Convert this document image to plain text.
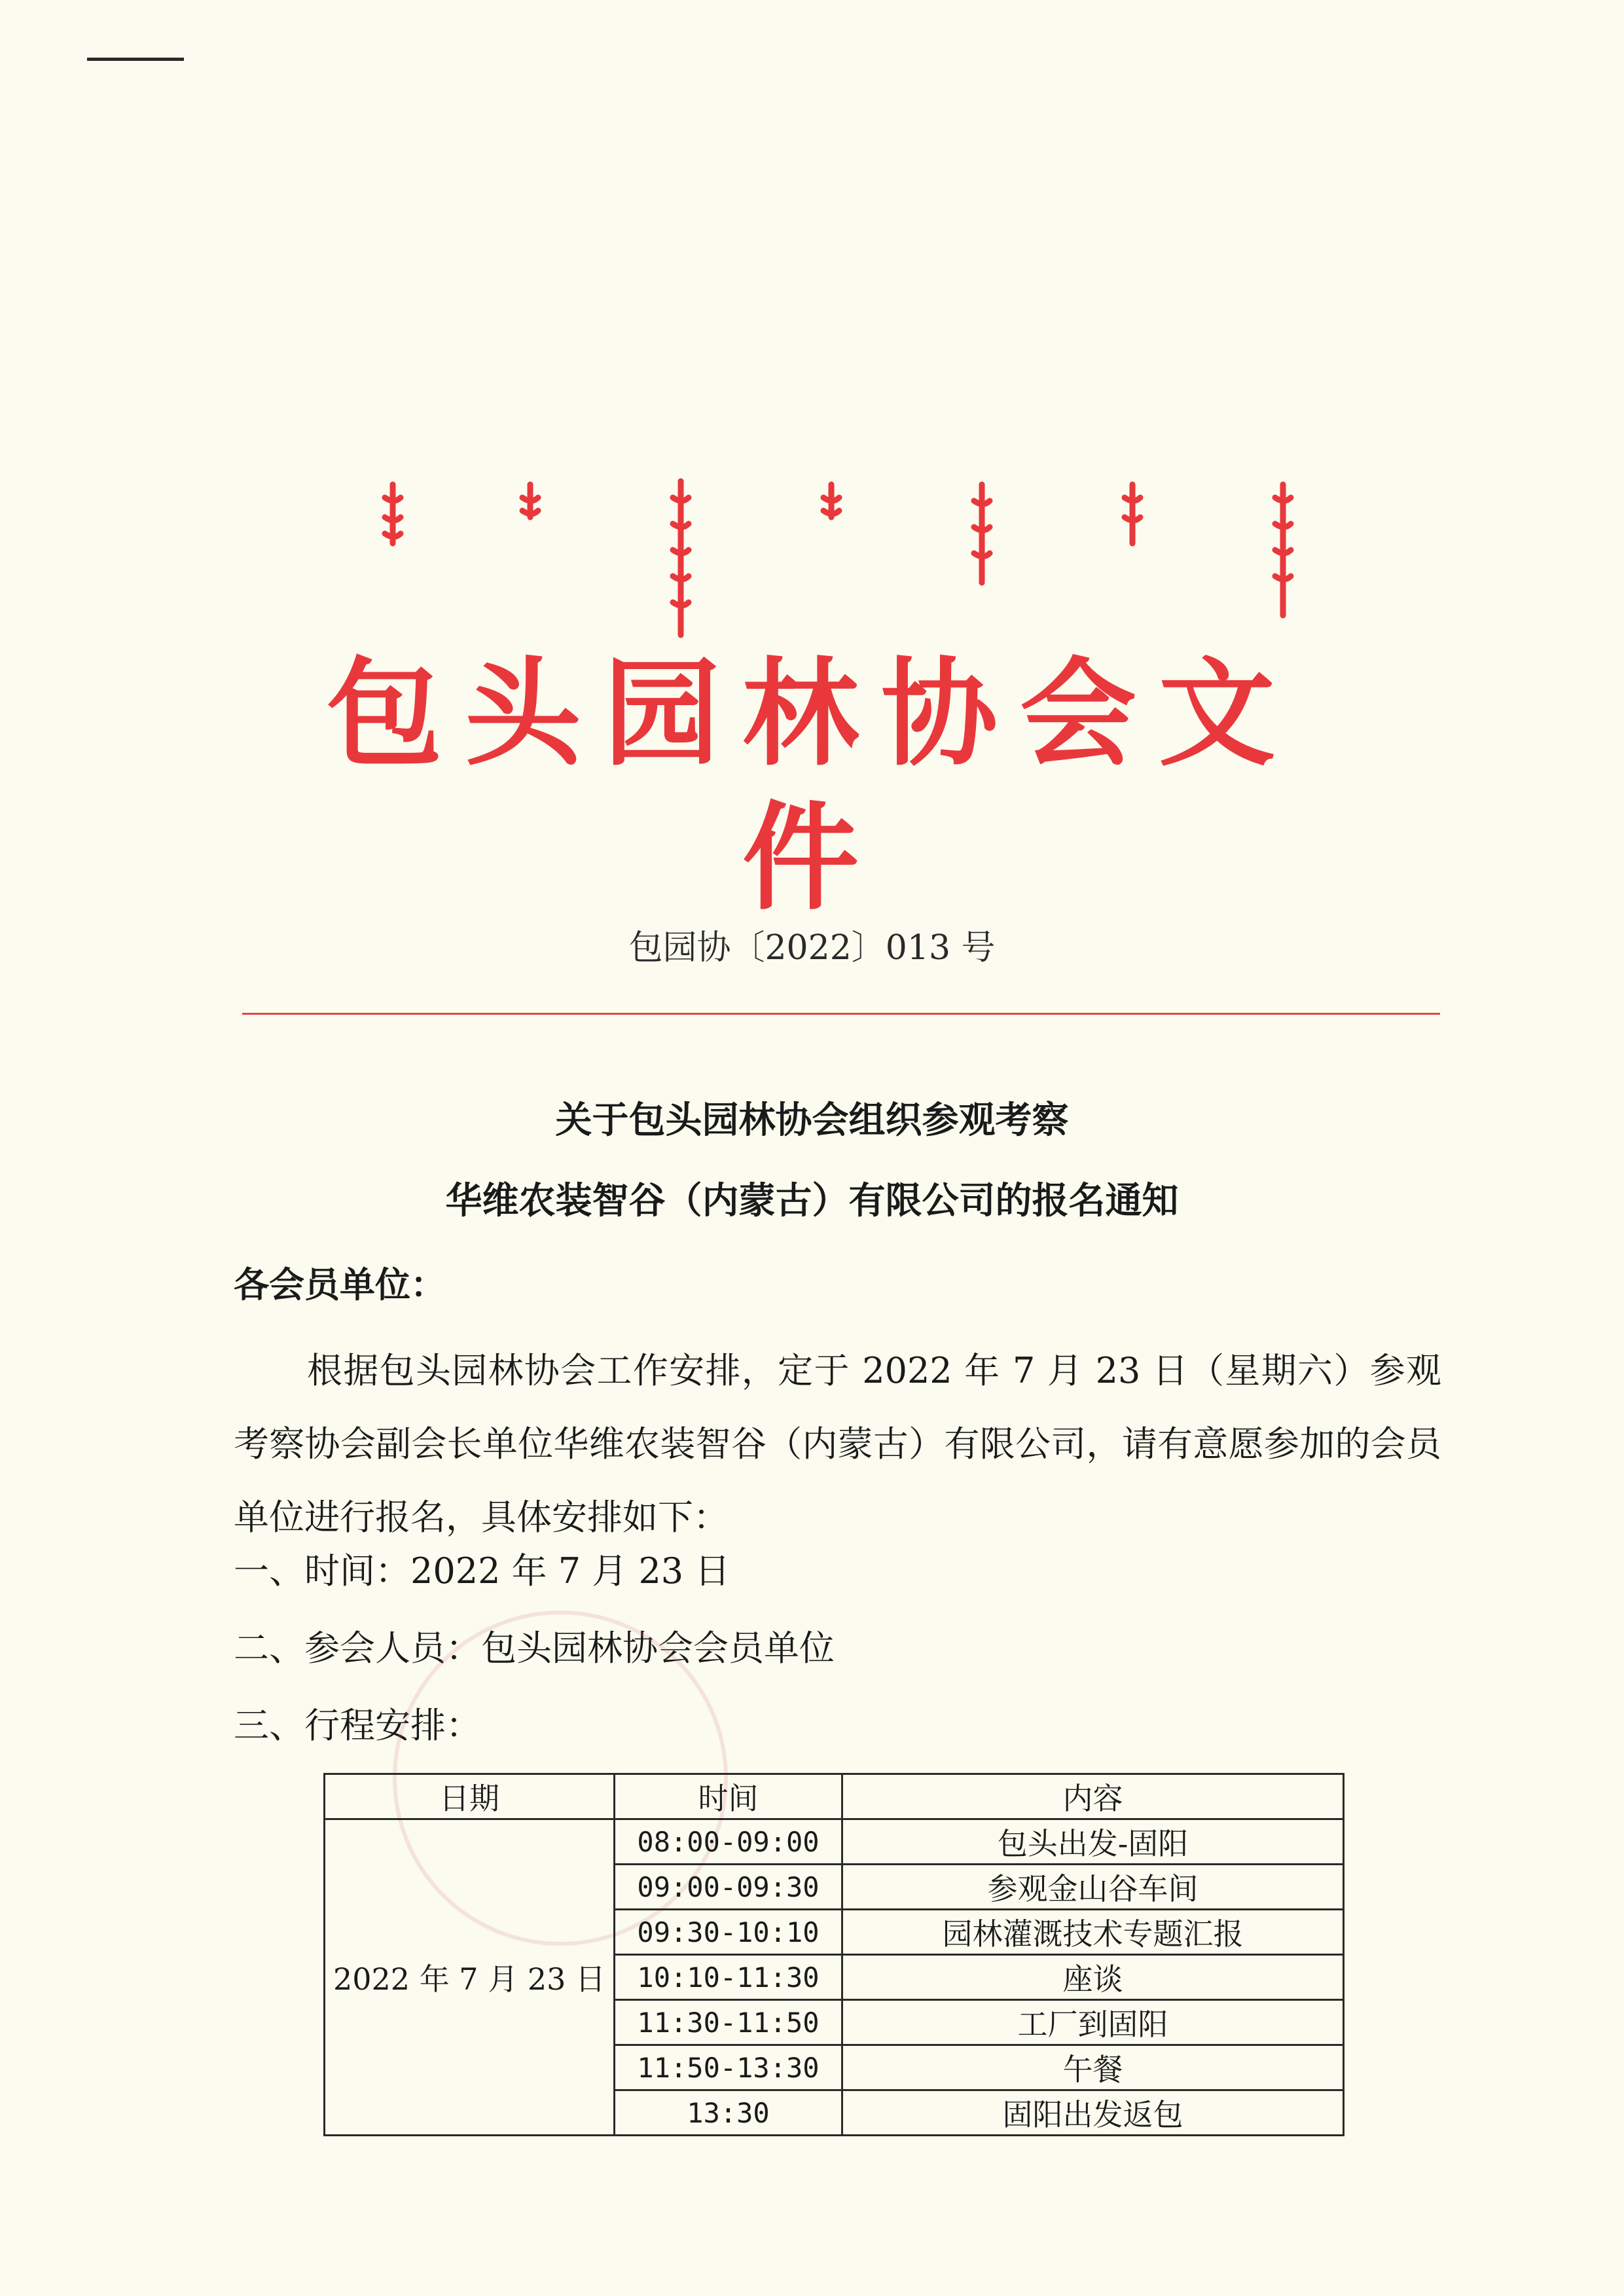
包头园林协会文件
包园协〔2022〕013 号
关于包头园林协会组织参观考察
华维农装智谷（内蒙古）有限公司的报名通知
各会员单位：
根据包头园林协会工作安排，定于 2022 年 7 月 23 日（星期六）参观考察协会副会长单位华维农装智谷（内蒙古）有限公司，请有意愿参加的会员单位进行报名，具体安排如下：
一、时间：2022 年 7 月 23 日
二、参会人员：包头园林协会会员单位
三、行程安排：
日期	时间	内容
2022 年 7 月 23 日	08:00-09:00	包头出发-固阳
	09:00-09:30	参观金山谷车间
	09:30-10:10	园林灌溉技术专题汇报
	10:10-11:30	座谈
	11:30-11:50	工厂到固阳
	11:50-13:30	午餐
	13:30	固阳出发返包
